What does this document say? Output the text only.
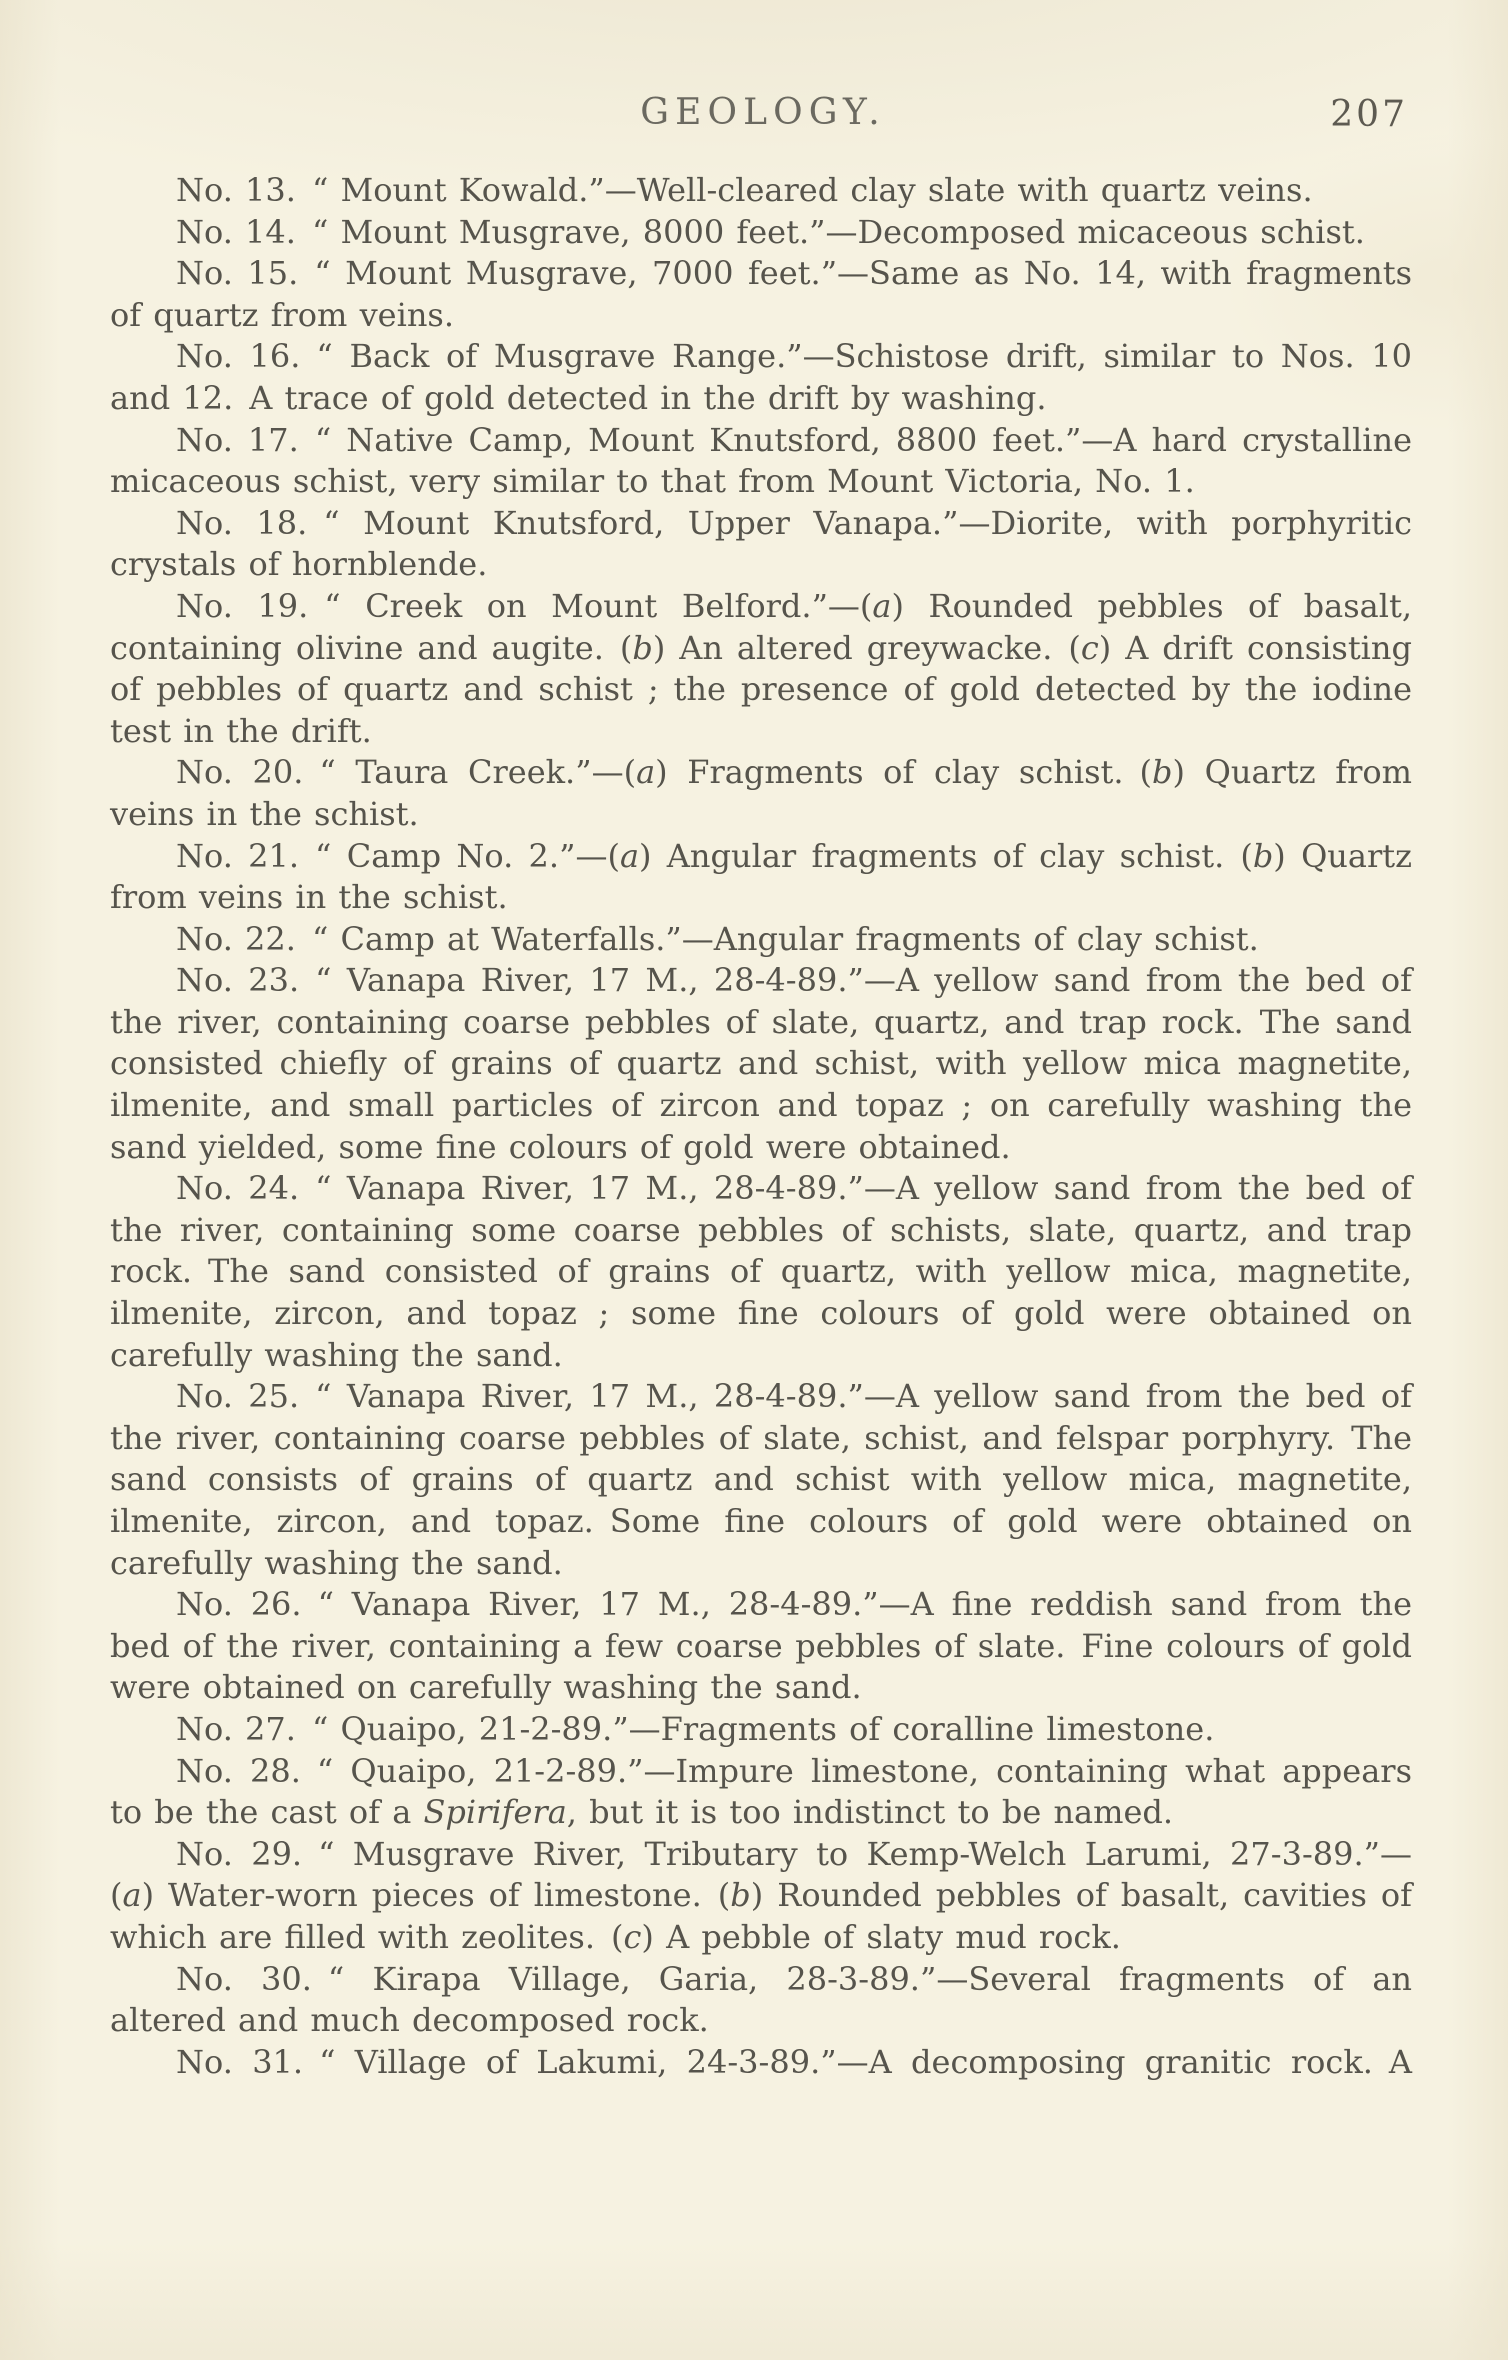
GEOLOGY.	207

No. 13. “ Mount Kowald.”—Well-cleared clay slate with quartz veins.

No. 14. “ Mount Musgrave, 8000 feet.”—Decomposed micaceous schist.

No. 15. “ Mount Musgrave, 7000 feet.”—Same as No. 14, with fragments of quartz from veins.

No. 16. “ Back of Musgrave Range.”—Schistose drift, similar to Nos. 10 and 12. A trace of gold detected in the drift by washing.

No. 17. “ Native Camp, Mount Knutsford, 8800 feet.”—A hard crystalline micaceous schist, very similar to that from Mount Victoria, No. 1.

No. 18. “ Mount Knutsford, Upper Vanapa.”—Diorite, with porphyritic crystals of hornblende.

No. 19. “ Creek on Mount Belford.”—(a) Rounded pebbles of basalt, containing olivine and augite. (b) An altered greywacke. (c) A drift consisting of pebbles of quartz and schist ; the presence of gold detected by the iodine test in the drift.

No. 20. “ Taura Creek.”—(a) Fragments of clay schist. (b) Quartz from veins in the schist.

No. 21. “ Camp No. 2.”—(a) Angular fragments of clay schist. (b) Quartz from veins in the schist.

No. 22. “ Camp at Waterfalls.”—Angular fragments of clay schist.

No. 23. “ Vanapa River, 17 M., 28-4-89.”—A yellow sand from the bed of the river, containing coarse pebbles of slate, quartz, and trap rock. The sand consisted chiefly of grains of quartz and schist, with yellow mica magnetite, ilmenite, and small particles of zircon and topaz ; on carefully washing the sand yielded, some fine colours of gold were obtained.

No. 24. “ Vanapa River, 17 M., 28-4-89.”—A yellow sand from the bed of the river, containing some coarse pebbles of schists, slate, quartz, and trap rock. The sand consisted of grains of quartz, with yellow mica, magnetite, ilmenite, zircon, and topaz ; some fine colours of gold were obtained on carefully washing the sand.

No. 25. “ Vanapa River, 17 M., 28-4-89.”—A yellow sand from the bed of the river, containing coarse pebbles of slate, schist, and felspar porphyry. The sand consists of grains of quartz and schist with yellow mica, magnetite, ilmenite, zircon, and topaz. Some fine colours of gold were obtained on carefully washing the sand.

No. 26. “ Vanapa River, 17 M., 28-4-89.”—A fine reddish sand from the bed of the river, containing a few coarse pebbles of slate. Fine colours of gold were obtained on carefully washing the sand.

No. 27. “ Quaipo, 21-2-89.”—Fragments of coralline limestone.

No. 28. “ Quaipo, 21-2-89.”—Impure limestone, containing what appears to be the cast of a Spirifera, but it is too indistinct to be named.

No. 29. “ Musgrave River, Tributary to Kemp-Welch Larumi, 27-3-89.”— (a) Water-worn pieces of limestone. (b) Rounded pebbles of basalt, cavities of which are filled with zeolites. (c) A pebble of slaty mud rock.

No. 30. “ Kirapa Village, Garia, 28-3-89.”—Several fragments of an altered and much decomposed rock.

No. 31. “ Village of Lakumi, 24-3-89.”—A decomposing granitic rock. A
